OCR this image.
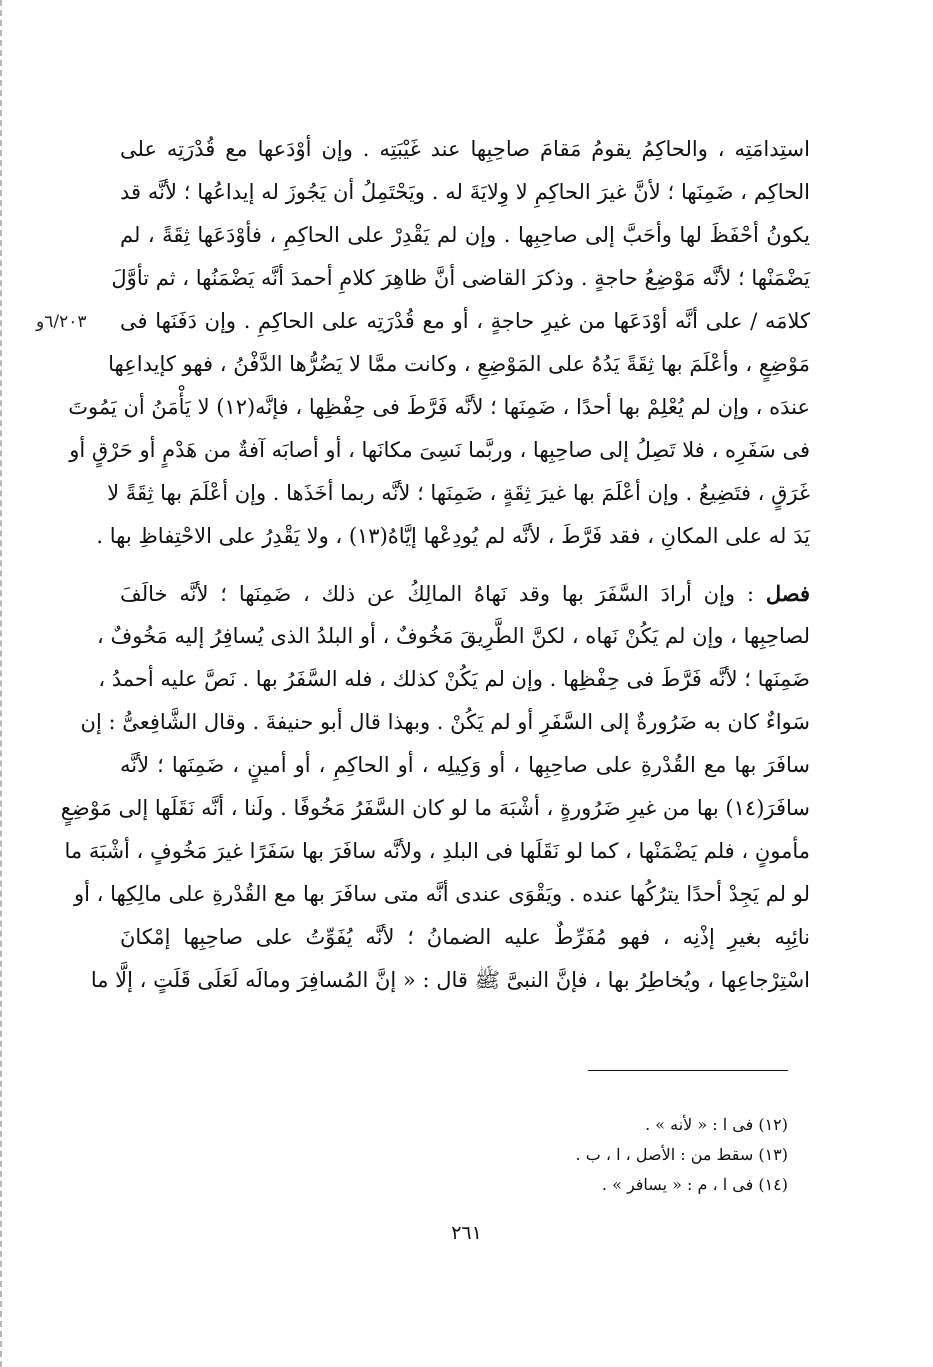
٦/٢٠٣و
استِدامَتِه ، والحاكِمُ يقومُ مَقامَ صاحِبِها عند غَيْبَتِه . وإن أوْدَعها مع قُدْرَتِه على
الحاكِم ، ضَمِنَها ؛ لأنَّ غيرَ الحاكِمِ لا وِلايَةَ له . ويَحْتَمِلُ أن يَجُوزَ له إيداعُها ؛ لأنَّه قد
يكونُ أحْفَظَ لها وأحَبَّ إلى صاحِبِها . وإن لم يَقْدِرْ على الحاكِمِ ، فأوْدَعَها ثِقَةً ، لم
يَضْمَنْها ؛ لأنَّه مَوْضِعُ حاجةٍ . وذكرَ القاضى أنَّ ظاهِرَ كلامِ أحمدَ أنَّه يَضْمَنُها ، ثم تأوَّلَ
كلامَه / على أنَّه أوْدَعَها من غيرِ حاجةٍ ، أو مع قُدْرَتِه على الحاكِمِ . وإن دَفَنَها فى
مَوْضِعٍ ، وأعْلَمَ بها ثِقَةً يَدُهُ على المَوْضِعِ ، وكانت ممَّا لا يَضُرُّها الدَّفْنُ ، فهو كإيداعِها
عندَه ، وإن لم يُعْلِمْ بها أحدًا ، ضَمِنَها ؛ لأنَّه فَرَّطَ فى حِفْظِها ، فإنَّه(١٢) لا يَأْمَنُ أن يَمُوتَ
فى سَفَرِه ، فلا تَصِلُ إلى صاحِبِها ، وربَّما نَسِىَ مكانَها ، أو أصابَه آفةٌ من هَدْمٍ أو حَرْقٍ أو
غَرَقٍ ، فتَضِيعُ . وإن أعْلَمَ بها غيرَ ثِقَةٍ ، ضَمِنَها ؛ لأنَّه ربما أخَذَها . وإن أعْلَمَ بها ثِقَةً لا
يَدَ له على المكانِ ، فقد فَرَّطَ ، لأنَّه لم يُودِعْها إيَّاهُ(١٣) ، ولا يَقْدِرُ على الاحْتِفاظِ بها .
فصل : وإن أرادَ السَّفَرَ بها وقد نَهاهُ المالِكُ عن ذلك ، ضَمِنَها ؛ لأنَّه خالَفَ
لصاحِبِها ، وإن لم يَكُنْ نَهاه ، لكنَّ الطَّرِيقَ مَخُوفٌ ، أو البلدُ الذى يُسافِرُ إليه مَخُوفٌ ،
ضَمِنَها ؛ لأنَّه فَرَّطَ فى حِفْظِها . وإن لم يَكُنْ كذلك ، فله السَّفَرُ بها . نَصَّ عليه أحمدُ ،
سَواءٌ كان به ضَرُورةٌ إلى السَّفَرِ أو لم يَكُنْ . وبهذا قال أبو حنيفةَ . وقال الشَّافِعىُّ : إن
سافَرَ بها مع القُدْرةِ على صاحِبِها ، أو وَكِيلِه ، أو الحاكِمِ ، أو أمينٍ ، ضَمِنَها ؛ لأنَّه
سافَرَ(١٤) بها من غيرِ ضَرُورةٍ ، أشْبَهَ ما لو كان السَّفَرُ مَخُوفًا . ولَنا ، أنَّه نَقَلَها إلى مَوْضِعٍ
مأمونٍ ، فلم يَضْمَنْها ، كما لو نَقَلَها فى البلدِ ، ولأنَّه سافَرَ بها سَفَرًا غيرَ مَخُوفٍ ، أشْبَهَ ما
لو لم يَجِدْ أحدًا يترُكُها عنده . ويَقْوَى عندى أنَّه متى سافَرَ بها مع القُدْرةِ على مالِكِها ، أو
نائِبِه بغيرِ إذْنِه ، فهو مُفَرِّطٌ عليه الضمانُ ؛ لأنَّه يُفَوِّتُ على صاحِبِها إمْكانَ
اسْتِرْجاعِها ، ويُخاطِرُ بها ، فإنَّ النبىَّ ﷺ قال : « إنَّ المُسافِرَ ومالَه لَعَلَى قَلَتٍ ، إلَّا ما
(١٢) فى ا : « لأنه » .
(١٣) سقط من : الأصل ، ا ، ب .
(١٤) فى ا ، م : « يسافر » .
٢٦١
